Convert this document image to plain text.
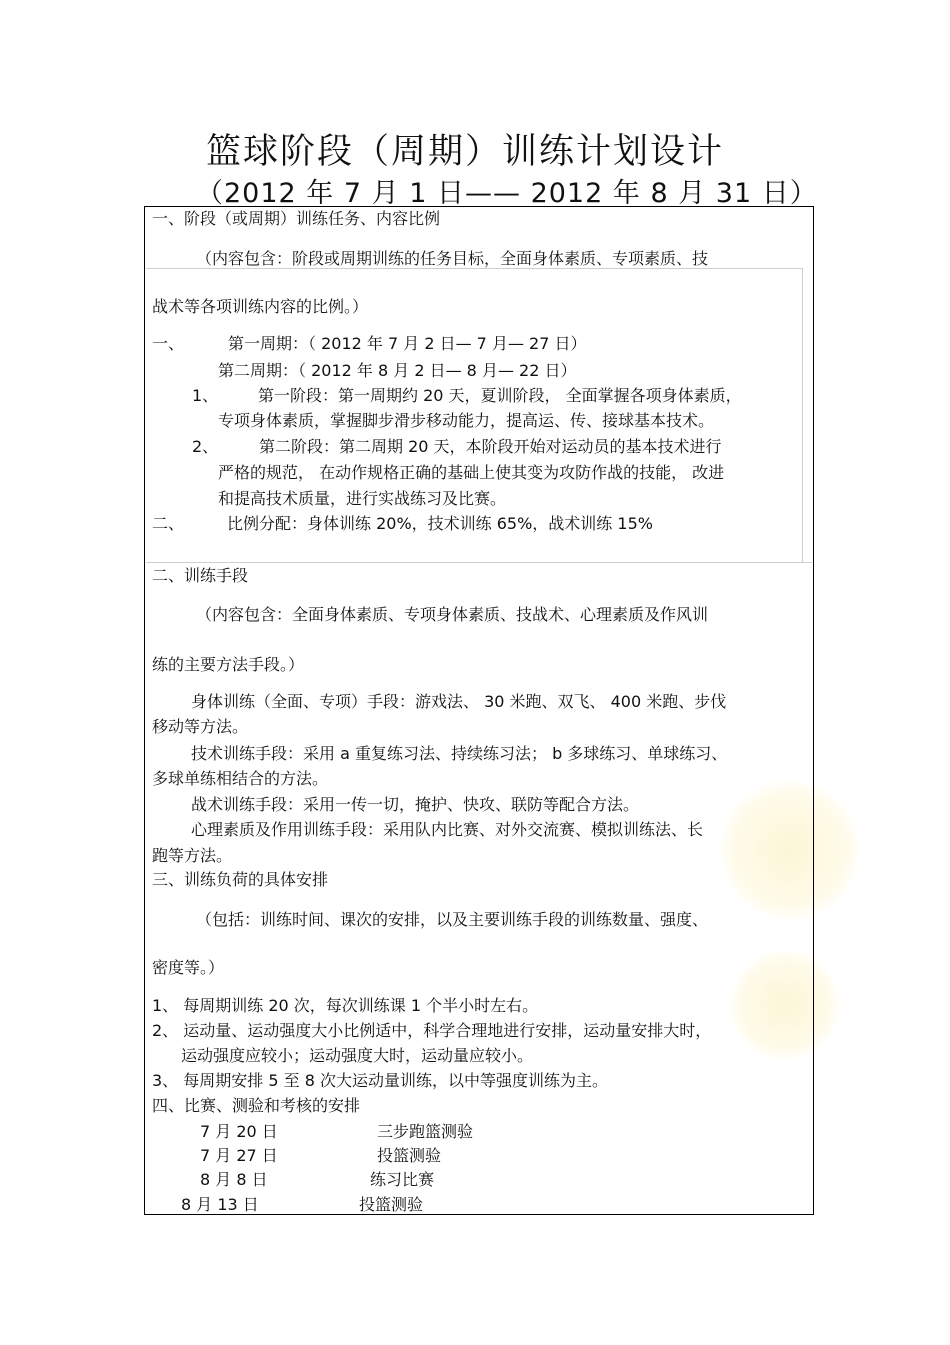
篮球阶段（周期）训练计划设计
（2012 年 7 月 1 日—— 2012 年 8 月 31 日）
一、阶段（或周期）训练任务、内容比例
（内容包含：阶段或周期训练的任务目标，全面身体素质、专项素质、技
战术等各项训练内容的比例。）
一、	第一周期：（ 2012 年 7 月 2 日— 7 月— 27 日）
第二周期：（ 2012 年 8 月 2 日— 8 月— 22 日）
1、 第一阶段：第一周期约 20 天，夏训阶段， 全面掌握各项身体素质，
专项身体素质，掌握脚步滑步移动能力，提高运、传、接球基本技术。
2、	第二阶段：第二周期 20 天，本阶段开始对运动员的基本技术进行
严格的规范， 在动作规格正确的基础上使其变为攻防作战的技能， 改进
和提高技术质量，进行实战练习及比赛。
二、	比例分配：身体训练 20%，技术训练 65%，战术训练 15%
二、训练手段
（内容包含：全面身体素质、专项身体素质、技战术、心理素质及作风训
练的主要方法手段。）
身体训练（全面、专项）手段：游戏法、 30 米跑、双飞、 400 米跑、步伐
移动等方法。
技术训练手段：采用 a 重复练习法、持续练习法； b 多球练习、单球练习、
多球单练相结合的方法。
战术训练手段：采用一传一切，掩护、快攻、联防等配合方法。
心理素质及作用训练手段：采用队内比赛、对外交流赛、模拟训练法、长
跑等方法。
三、训练负荷的具体安排
（包括：训练时间、课次的安排，以及主要训练手段的训练数量、强度、
密度等。）
1、 每周期训练 20 次，每次训练课 1 个半小时左右。
2、 运动量、运动强度大小比例适中，科学合理地进行安排，运动量安排大时，
运动强度应较小；运动强度大时，运动量应较小。
3、 每周期安排 5 至 8 次大运动量训练，以中等强度训练为主。
四、比赛、测验和考核的安排
7 月 20 日	三步跑篮测验
7 月 27 日	投篮测验
8 月 8 日	练习比赛
8 月 13 日	投篮测验
